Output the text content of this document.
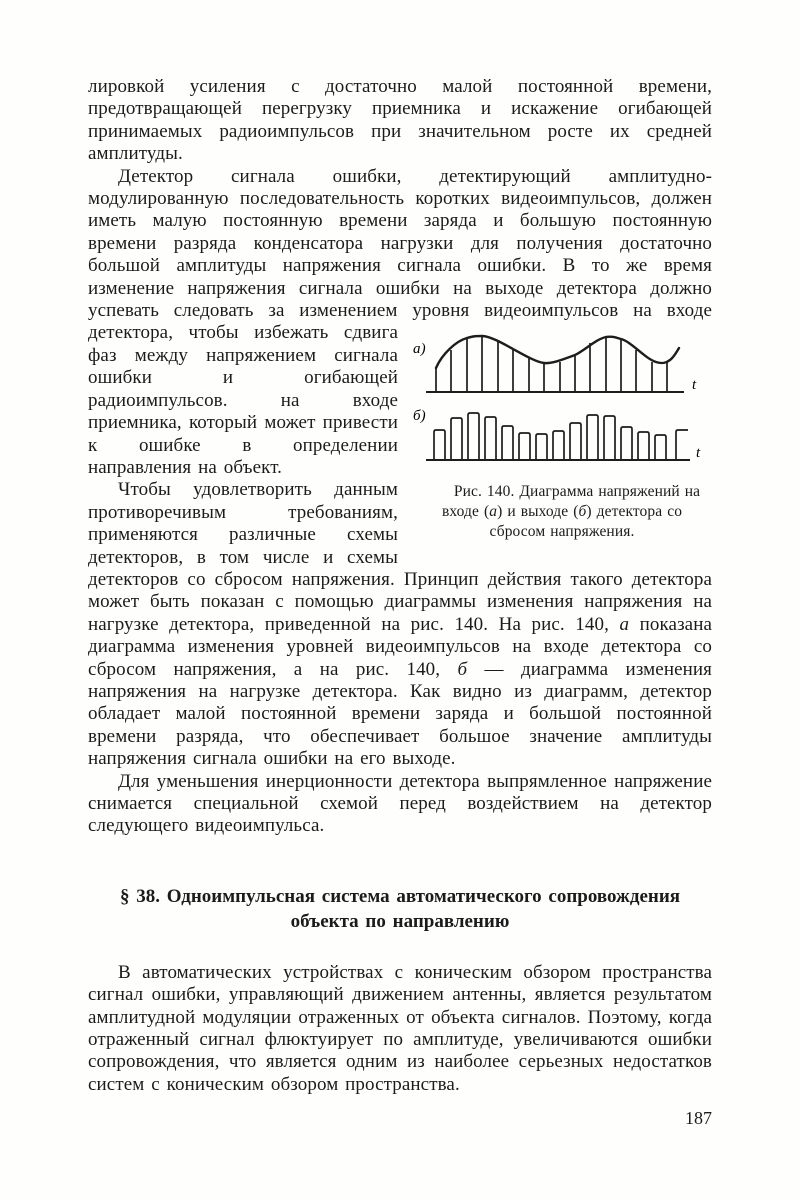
лировкой усиления с достаточно малой постоянной времени, предотвращающей перегрузку приемника и искажение огибающей принимаемых радиоимпульсов при значительном росте их средней амплитуды.

Детектор сигнала ошибки, детектирующий амплитудно-модулированную последовательность коротких видеоимпульсов, должен иметь малую постоянную времени заряда и большую постоянную времени разряда конденсатора нагрузки для получения достаточно большой амплитуды напряжения сигнала ошибки. В то же время изменение напряжения сигнала ошибки на выходе детектора должно успевать следовать за изменением уровня
а)
t
б)
t
Рис. 140. Диаграмма напряжений на входе (а) и выходе (б) детектора со сбросом напряжения.
видеоимпульсов на входе детектора, чтобы избежать сдвига фаз между напряжением сигнала ошибки и огибающей радиоимпульсов. на входе приемника, который может привести к ошибке в определении направления на объект.

Чтобы удовлетворить данным противоречивым требованиям, применяются различные схемы детекторов, в том числе и схемы детекторов со сбросом напряжения. Принцип действия такого детектора может быть показан с помощью диаграммы изменения напряжения на нагрузке детектора, приведенной на рис. 140. На рис. 140, а показана диаграмма изменения уровней видеоимпульсов на входе детектора со сбросом напряжения, а на рис. 140, б — диаграмма изменения напряжения на нагрузке детектора. Как видно из диаграмм, детектор обладает малой постоянной времени заряда и большой постоянной времени разряда, что обеспечивает большое значение амплитуды напряжения сигнала ошибки на его выходе.

Для уменьшения инерционности детектора выпрямленное напряжение снимается специальной схемой перед воздействием на детектор следующего видеоимпульса.

§ 38. Одноимпульсная система автоматического сопровождения объекта по направлению

В автоматических устройствах с коническим обзором пространства сигнал ошибки, управляющий движением антенны, является результатом амплитудной модуляции отраженных от объекта сигналов. Поэтому, когда отраженный сигнал флюктуирует по амплитуде, увеличиваются ошибки сопровождения, что является одним из наиболее серьезных недостатков систем с коническим обзором пространства.

187
